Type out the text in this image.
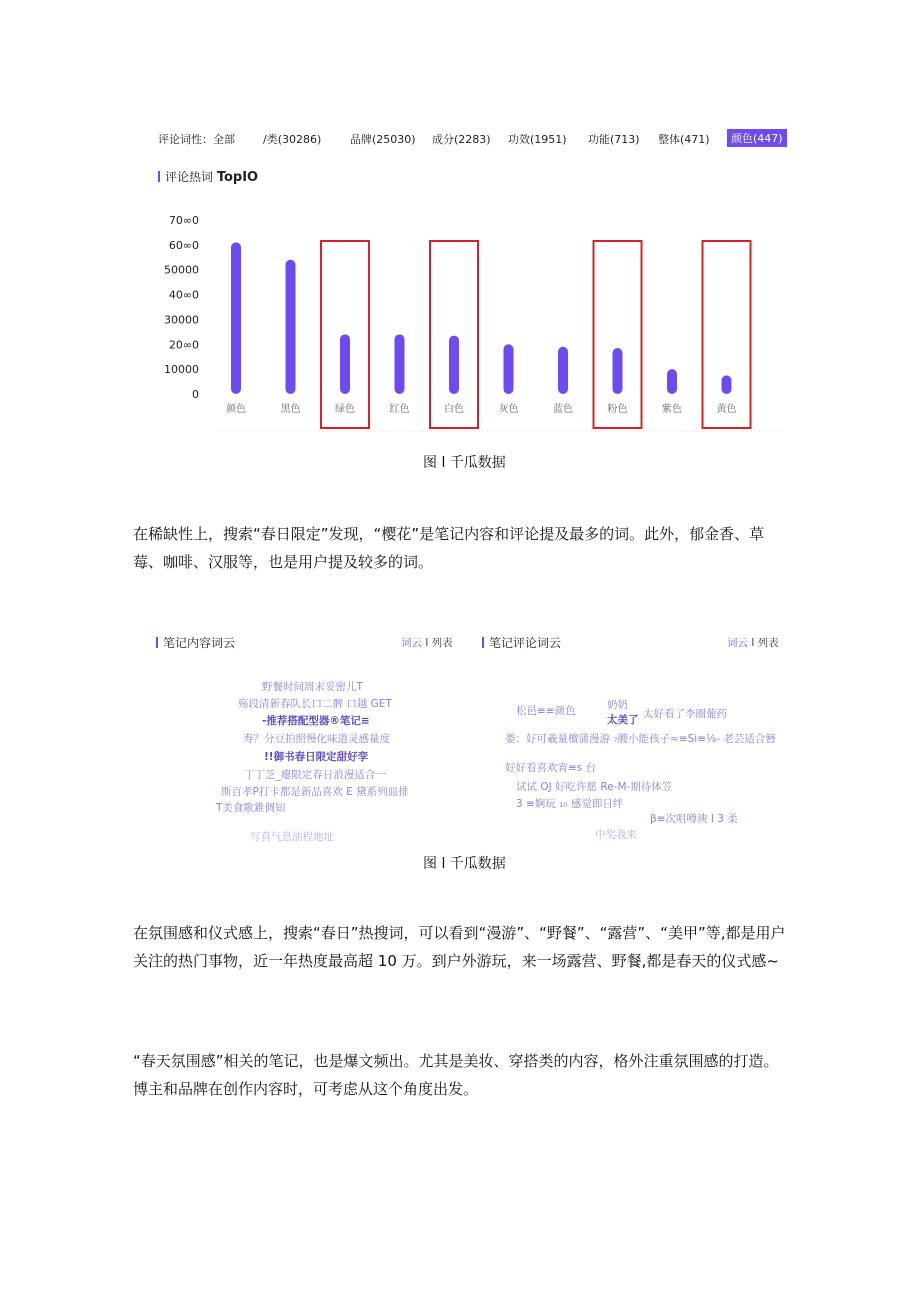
评论词性：全部	/类(30286)	品牌(25030) 成分(2283) 功效(1951) 功能(713) 整体(471)	颜色(447)
评论热词 TopIO
0
10000
20∞0
30000
40∞0
50000
60∞0
70∞0
颜色	黑色	绿色	红色	白色	灰色	蓝色	粉色	紫色	黄色
图 l 千瓜数据
在稀缺性上，搜索“春日限定”发现，“樱花”是笔记内容和评论提及最多的词。此外，郁金香、草莓、咖啡、汉服等，也是用户提及较多的词。
笔记内容词云	词云 l 列表	笔记评论词云	词云 l 列表
野餐时间周末妥密儿T
殇段清新春队长口二髀 口越 GET
-推荐搭配型器®笔记≡
寿？分豆拍照慢化味道灵感量度
!!御书春日限定甜好孪
丁丁芝_瘪限定春日浪漫适合一
斯百孝P打卡都是新品喜欢 E 黛系列皿排
T美食歌錐倜知
写真气息油程地址
松邑≡≡颜色	奶奶
太美了 太好看了李圈葡药
娄：好可羲量檀蒲漫游 ₇艘小能孩子≈≡Si≡⅛- 老芸适合簪
好好看喜欢宵≡s 台
试试 OJ 好吃许愿 Re-M-期待体笠
3 ≡婀玩 ₁₀ 感觉即日绊
β≡次咀噂谀 I 3 柔
中奖我来
图 l 千瓜数据
在氛围感和仪式感上，搜索“春日”热搜词，可以看到“漫游”、“野餐”、“露营”、“美甲”等,都是用户关注的热门事物，近一年热度最高超 10 万。到户外游玩，来一场露营、野餐,都是春天的仪式感~
“春天氛围感”相关的笔记，也是爆文频出。尤其是美妆、穿搭类的内容，格外注重氛围感的打造。博主和品牌在创作内容时，可考虑从这个角度出发。
